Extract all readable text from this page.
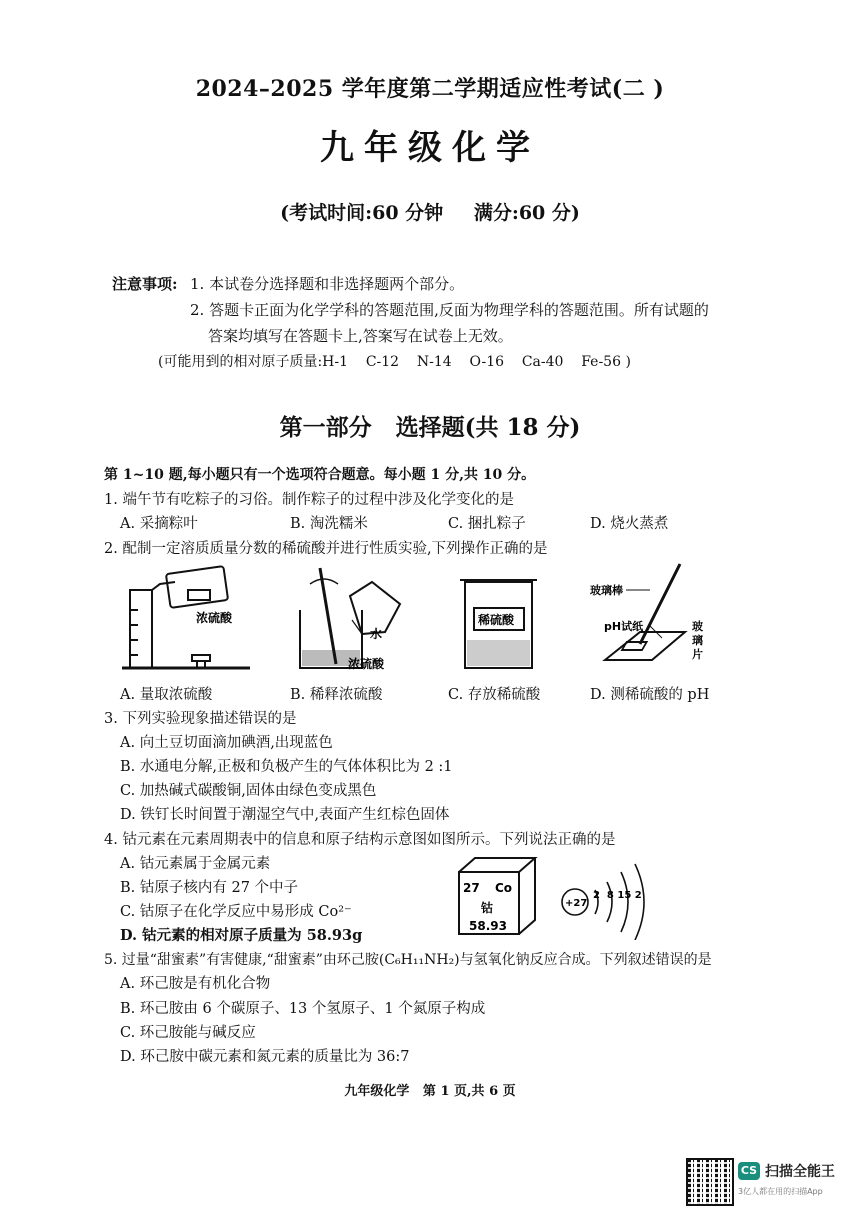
2024–2025 学年度第二学期适应性考试(二 )
九年级化学
(考试时间:60 分钟 满分:60 分)
注意事项: 1. 本试卷分选择题和非选择题两个部分。
2. 答题卡正面为化学学科的答题范围,反面为物理学科的答题范围。所有试题的
答案均填写在答题卡上,答案写在试卷上无效。
(可能用到的相对原子质量:H-1    C-12    N-14    O-16    Ca-40    Fe-56 )
第一部分   选择题(共 18 分)
第 1~10 题,每小题只有一个选项符合题意。每小题 1 分,共 10 分。
1. 端午节有吃粽子的习俗。制作粽子的过程中涉及化学变化的是
A. 采摘粽叶	B. 淘洗糯米	C. 捆扎粽子	D. 烧火蒸煮
2. 配制一定溶质质量分数的稀硫酸并进行性质实验,下列操作正确的是
浓硫酸
水
浓硫酸
稀硫酸
玻璃棒
pH试纸	玻
璃
片
A. 量取浓硫酸	B. 稀释浓硫酸	C. 存放稀硫酸	D. 测稀硫酸的 pH
3. 下列实验现象描述错误的是
A. 向土豆切面滴加碘酒,出现蓝色
B. 水通电分解,正极和负极产生的气体体积比为 2 :1
C. 加热碱式碳酸铜,固体由绿色变成黑色
D. 铁钉长时间置于潮湿空气中,表面产生红棕色固体
4. 钴元素在元素周期表中的信息和原子结构示意图如图所示。下列说法正确的是
A. 钴元素属于金属元素
B. 钴原子核内有 27 个中子
C. 钴原子在化学反应中易形成 Co²⁻
D. 钴元素的相对原子质量为 58.93g
27 Co
钴
58.93
+27
2  8 15 2
5. 过量“甜蜜素”有害健康,“甜蜜素”由环己胺(C₆H₁₁NH₂)与氢氧化钠反应合成。下列叙述错误的是
A. 环己胺是有机化合物
B. 环己胺由 6 个碳原子、13 个氢原子、1 个氮原子构成
C. 环己胺能与碱反应
D. 环己胺中碳元素和氮元素的质量比为 36:7
九年级化学   第 1 页,共 6 页
CS 扫描全能王
3亿人都在用的扫描App
